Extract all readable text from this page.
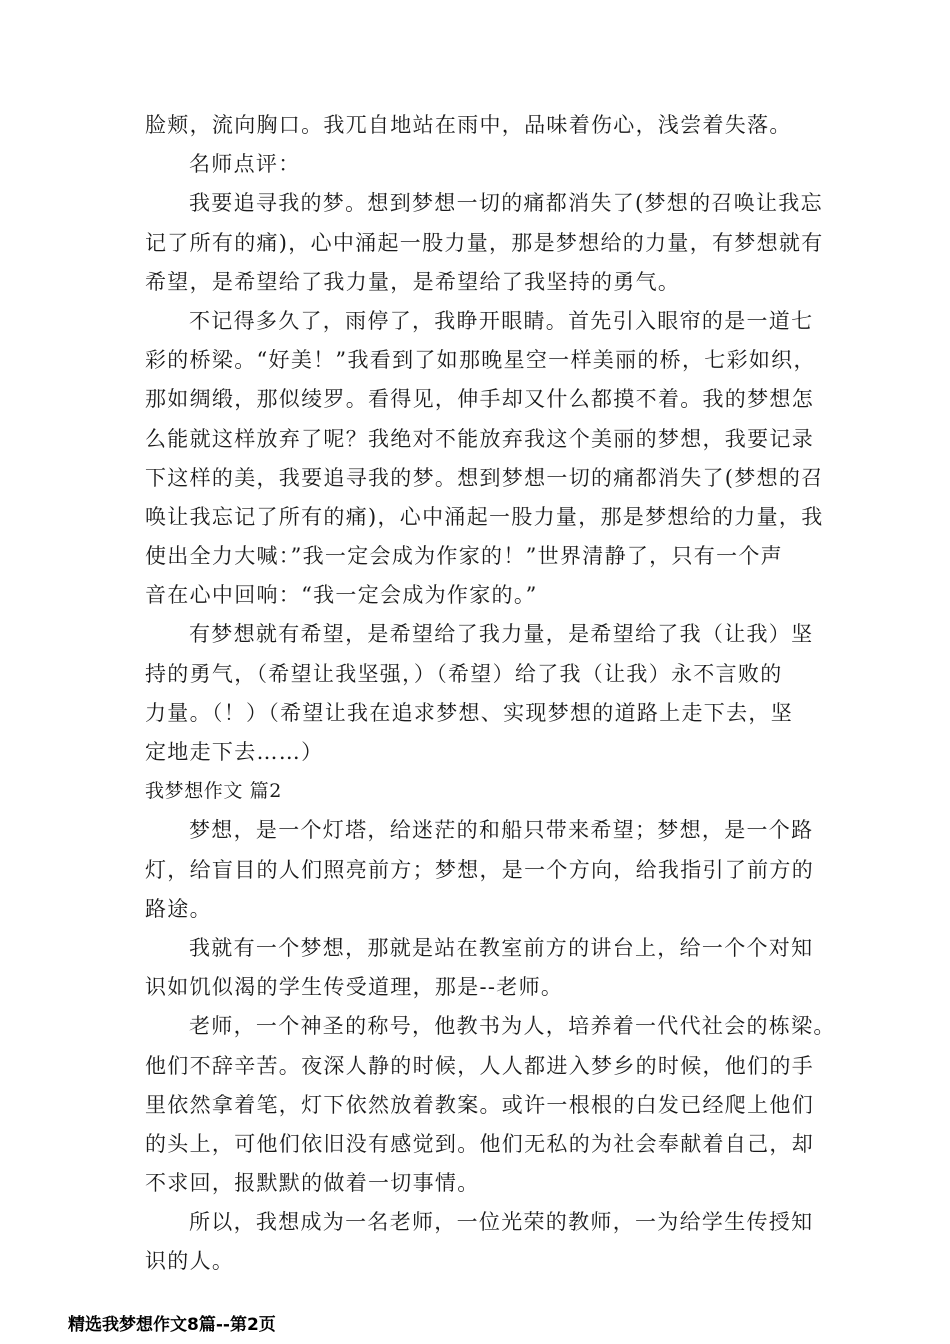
脸颊，流向胸口。我兀自地站在雨中，品味着伤心，浅尝着失落。
名师点评：
我要追寻我的梦。想到梦想一切的痛都消失了(梦想的召唤让我忘
记了所有的痛)，心中涌起一股力量，那是梦想给的力量，有梦想就有
希望，是希望给了我力量，是希望给了我坚持的勇气。
不记得多久了，雨停了，我睁开眼睛。首先引入眼帘的是一道七
彩的桥梁。“好美！”我看到了如那晚星空一样美丽的桥，七彩如织，
那如绸缎，那似绫罗。看得见，伸手却又什么都摸不着。我的梦想怎
么能就这样放弃了呢？我绝对不能放弃我这个美丽的梦想，我要记录
下这样的美，我要追寻我的梦。想到梦想一切的痛都消失了(梦想的召
唤让我忘记了所有的痛)，心中涌起一股力量，那是梦想给的力量，我
使出全力大喊：”我一定会成为作家的！”世界清静了，只有一个声
音在心中回响：“我一定会成为作家的。”
有梦想就有希望，是希望给了我力量，是希望给了我（让我）坚
持的勇气，（希望让我坚强，）（希望）给了我（让我）永不言败的
力量。（！）（希望让我在追求梦想、实现梦想的道路上走下去，坚
定地走下去……）
我梦想作文 篇2
梦想，是一个灯塔，给迷茫的和船只带来希望；梦想，是一个路
灯，给盲目的人们照亮前方；梦想，是一个方向，给我指引了前方的
路途。
我就有一个梦想，那就是站在教室前方的讲台上，给一个个对知
识如饥似渴的学生传受道理，那是--老师。
老师，一个神圣的称号，他教书为人，培养着一代代社会的栋梁。
他们不辞辛苦。夜深人静的时候，人人都进入梦乡的时候，他们的手
里依然拿着笔，灯下依然放着教案。或许一根根的白发已经爬上他们
的头上，可他们依旧没有感觉到。他们无私的为社会奉献着自己，却
不求回，报默默的做着一切事情。
所以，我想成为一名老师，一位光荣的教师，一为给学生传授知
识的人。
精选我梦想作文8篇--第2页
